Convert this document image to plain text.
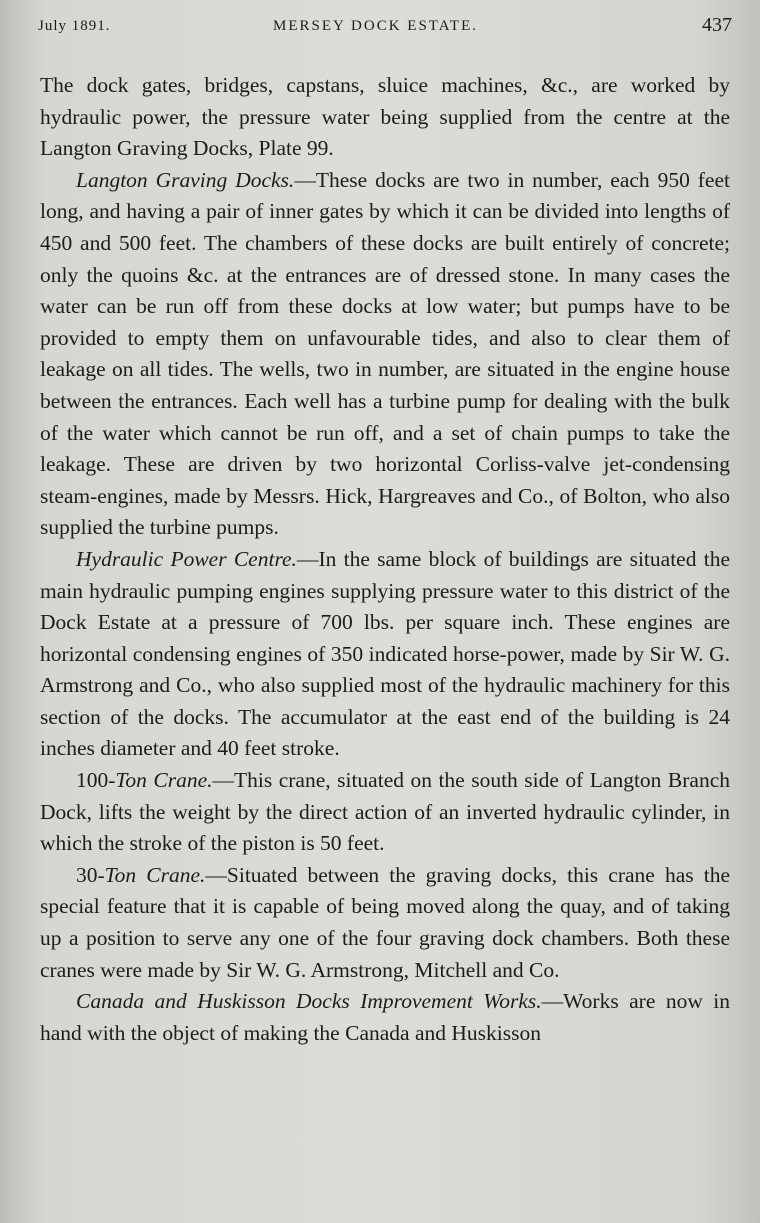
July 1891.	MERSEY DOCK ESTATE.	437

The dock gates, bridges, capstans, sluice machines, &c., are worked by hydraulic power, the pressure water being supplied from the centre at the Langton Graving Docks, Plate 99.

Langton Graving Docks.—These docks are two in number, each 950 feet long, and having a pair of inner gates by which it can be divided into lengths of 450 and 500 feet. The chambers of these docks are built entirely of concrete; only the quoins &c. at the entrances are of dressed stone. In many cases the water can be run off from these docks at low water; but pumps have to be provided to empty them on unfavourable tides, and also to clear them of leakage on all tides. The wells, two in number, are situated in the engine house between the entrances. Each well has a turbine pump for dealing with the bulk of the water which cannot be run off, and a set of chain pumps to take the leakage. These are driven by two horizontal Corliss-valve jet-condensing steam-engines, made by Messrs. Hick, Hargreaves and Co., of Bolton, who also supplied the turbine pumps.

Hydraulic Power Centre.—In the same block of buildings are situated the main hydraulic pumping engines supplying pressure water to this district of the Dock Estate at a pressure of 700 lbs. per square inch. These engines are horizontal condensing engines of 350 indicated horse-power, made by Sir W. G. Armstrong and Co., who also supplied most of the hydraulic machinery for this section of the docks. The accumulator at the east end of the building is 24 inches diameter and 40 feet stroke.

100-Ton Crane.—This crane, situated on the south side of Langton Branch Dock, lifts the weight by the direct action of an inverted hydraulic cylinder, in which the stroke of the piston is 50 feet.

30-Ton Crane.—Situated between the graving docks, this crane has the special feature that it is capable of being moved along the quay, and of taking up a position to serve any one of the four graving dock chambers. Both these cranes were made by Sir W. G. Armstrong, Mitchell and Co.

Canada and Huskisson Docks Improvement Works.—Works are now in hand with the object of making the Canada and Huskisson
